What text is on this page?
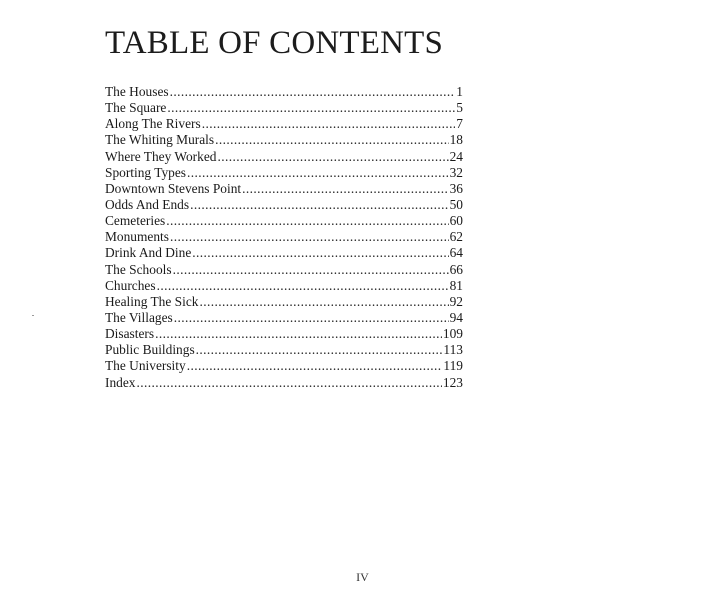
TABLE OF CONTENTS
The Houses .....	1
The Square .....	5
Along The Rivers .....	7
The Whiting Murals .....	18
Where They Worked .....	24
Sporting Types .....	32
Downtown Stevens Point .....	36
Odds And Ends .....	50
Cemeteries .....	60
Monuments .....	62
Drink And Dine .....	64
The Schools .....	66
Churches .....	81
Healing The Sick .....	92
The Villages .....	94
Disasters .....	109
Public Buildings .....	113
The University .....	119
Index .....	123
IV
